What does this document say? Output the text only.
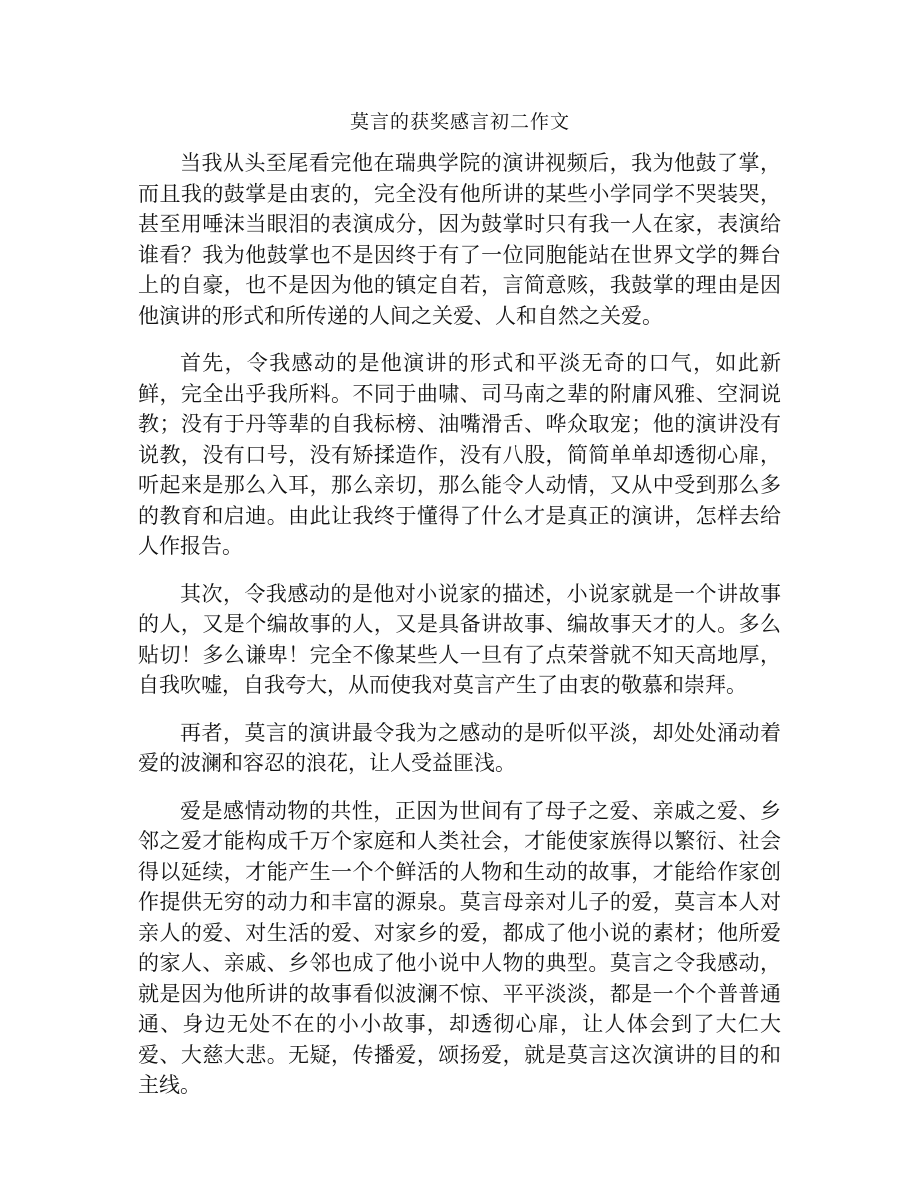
莫言的获奖感言初二作文

当我从头至尾看完他在瑞典学院的演讲视频后，我为他鼓了掌，而且我的鼓掌是由衷的，完全没有他所讲的某些小学同学不哭装哭，甚至用唾沫当眼泪的表演成分，因为鼓掌时只有我一人在家，表演给谁看？我为他鼓掌也不是因终于有了一位同胞能站在世界文学的舞台上的自豪，也不是因为他的镇定自若，言简意赅，我鼓掌的理由是因他演讲的形式和所传递的人间之关爱、人和自然之关爱。

首先，令我感动的是他演讲的形式和平淡无奇的口气，如此新鲜，完全出乎我所料。不同于曲啸、司马南之辈的附庸风雅、空洞说教；没有于丹等辈的自我标榜、油嘴滑舌、哗众取宠；他的演讲没有说教，没有口号，没有矫揉造作，没有八股，简简单单却透彻心扉，听起来是那么入耳，那么亲切，那么能令人动情，又从中受到那么多的教育和启迪。由此让我终于懂得了什么才是真正的演讲，怎样去给人作报告。

其次，令我感动的是他对小说家的描述，小说家就是一个讲故事的人，又是个编故事的人，又是具备讲故事、编故事天才的人。多么贴切！多么谦卑！完全不像某些人一旦有了点荣誉就不知天高地厚，自我吹嘘，自我夸大，从而使我对莫言产生了由衷的敬慕和崇拜。

再者，莫言的演讲最令我为之感动的是听似平淡，却处处涌动着爱的波澜和容忍的浪花，让人受益匪浅。

爱是感情动物的共性，正因为世间有了母子之爱、亲戚之爱、乡邻之爱才能构成千万个家庭和人类社会，才能使家族得以繁衍、社会得以延续，才能产生一个个鲜活的人物和生动的故事，才能给作家创作提供无穷的动力和丰富的源泉。莫言母亲对儿子的爱，莫言本人对亲人的爱、对生活的爱、对家乡的爱，都成了他小说的素材；他所爱的家人、亲戚、乡邻也成了他小说中人物的典型。莫言之令我感动，就是因为他所讲的故事看似波澜不惊、平平淡淡，都是一个个普普通通、身边无处不在的小小故事，却透彻心扉，让人体会到了大仁大爱、大慈大悲。无疑，传播爱，颂扬爱，就是莫言这次演讲的目的和主线。
